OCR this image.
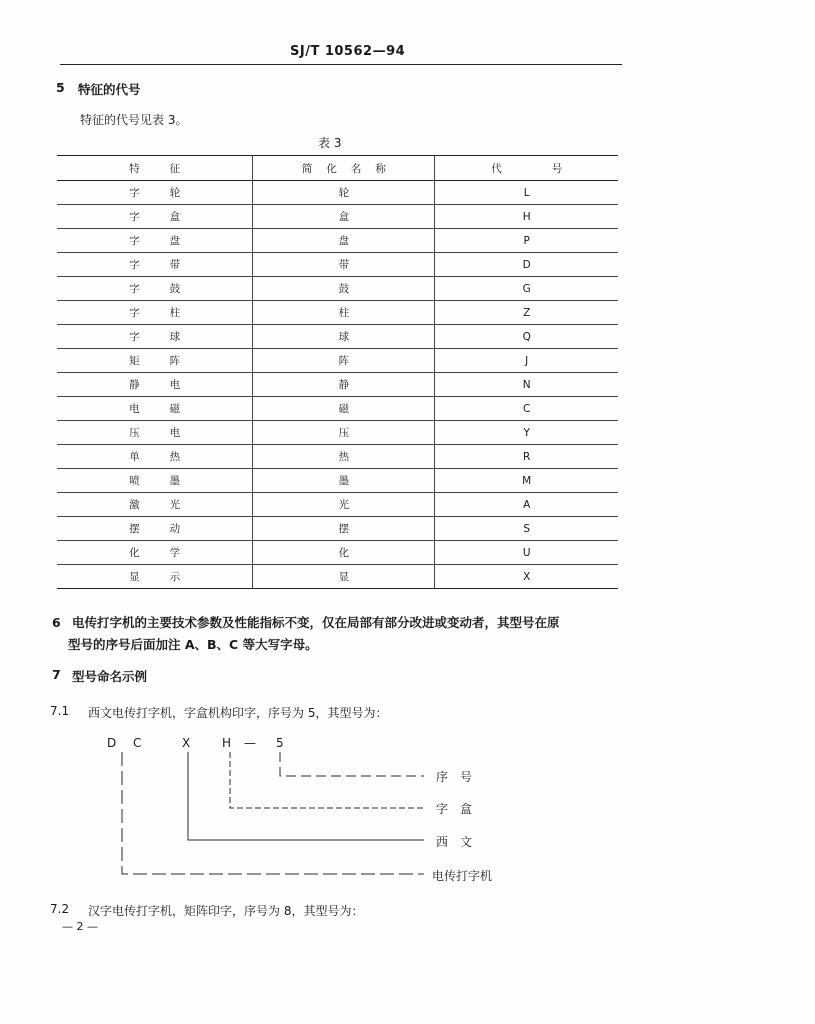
SJ/T 10562—94
5 特征的代号
特征的代号见表 3。
表 3
特征	简化名称	代号
字轮	轮	L
字盒	盒	H
字盘	盘	P
字带	带	D
字鼓	鼓	G
字柱	柱	Z
字球	球	Q
矩阵	阵	J
静电	静	N
电磁	磁	C
压电	压	Y
单热	热	R
喷墨	墨	M
激光	光	A
摆动	摆	S
化学	化	U
显示	显	X
6 电传打字机的主要技术参数及性能指标不变，仅在局部有部分改进或变动者，其型号在原
型号的序号后面加注 A、B、C 等大写字母。
7 型号命名示例
7.1 西文电传打字机，字盒机构印字，序号为 5，其型号为：
D C	X	H — 5
序　号
字　盒
西　文
电传打字机
7.2 汉字电传打字机，矩阵印字，序号为 8，其型号为：
— 2 —
